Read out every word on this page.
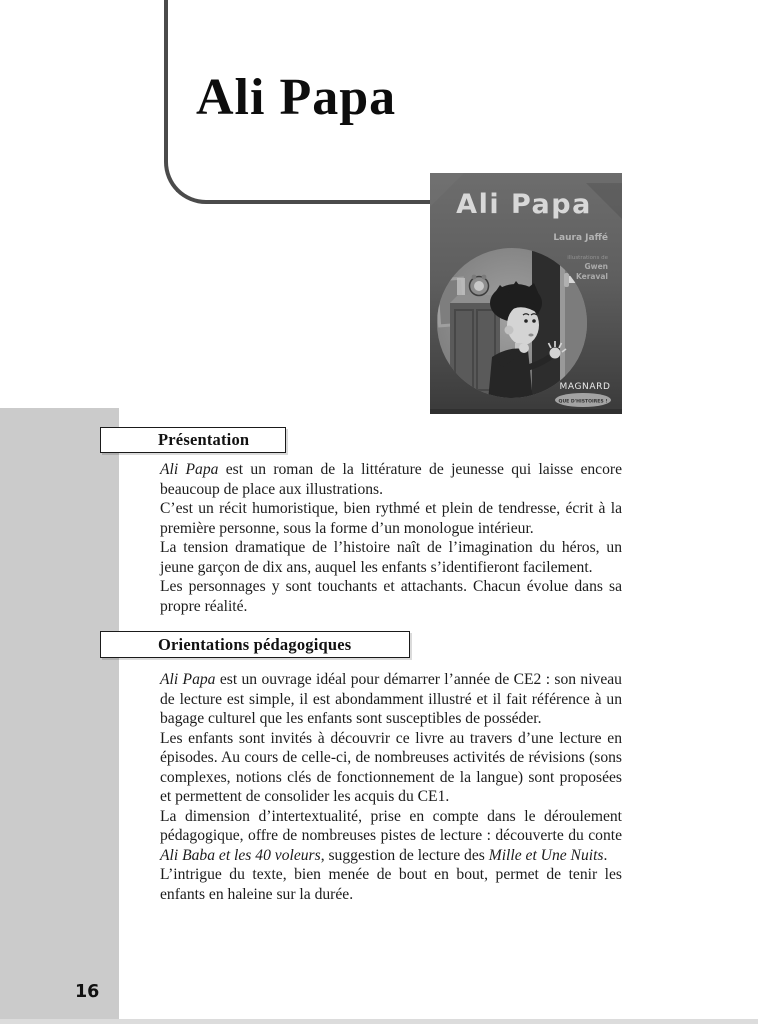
Ali Papa
Ali Papa
Laura Jaffé
illustrations de
Gwen
Keraval
MAGNARD
QUE D'HISTOIRES !
Présentation

Ali Papa est un roman de la littérature de jeunesse qui laisse encore beaucoup de place aux illustrations.

C’est un récit humoristique, bien rythmé et plein de tendresse, écrit à la première personne, sous la forme d’un monologue intérieur.

La tension dramatique de l’histoire naît de l’imagination du héros, un jeune garçon de dix ans, auquel les enfants s’identifieront facilement.

Les personnages y sont touchants et attachants. Chacun évolue dans sa propre réalité.

Orientations pédagogiques

Ali Papa est un ouvrage idéal pour démarrer l’année de CE2 : son niveau de lecture est simple, il est abondamment illustré et il fait référence à un bagage culturel que les enfants sont susceptibles de posséder.

Les enfants sont invités à découvrir ce livre au travers d’une lecture en épisodes. Au cours de celle-ci, de nombreuses activités de révisions (sons complexes, notions clés de fonctionnement de la langue) sont proposées et permettent de consolider les acquis du CE1.

La dimension d’intertextualité, prise en compte dans le déroulement pédagogique, offre de nombreuses pistes de lecture : découverte du conte Ali Baba et les 40 voleurs, suggestion de lecture des Mille et Une Nuits.

L’intrigue du texte, bien menée de bout en bout, permet de tenir les enfants en haleine sur la durée.

16
